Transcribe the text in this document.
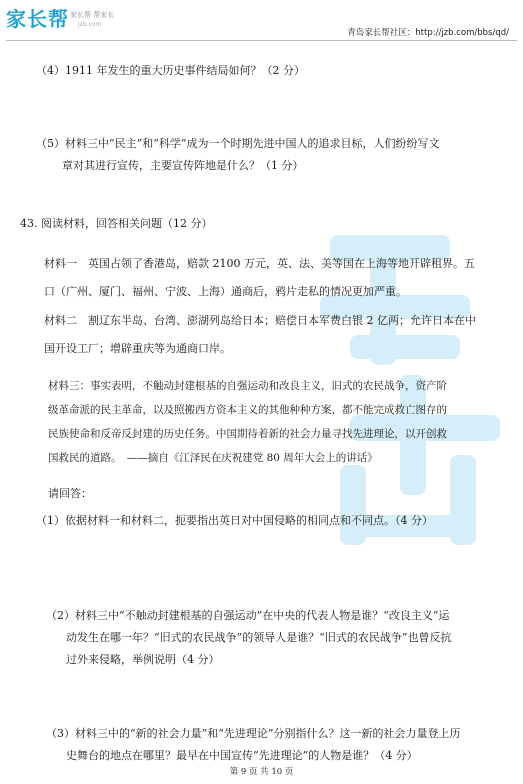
家长帮 家长帮 帮家长
jzb.com
青岛家长帮社区：http://jzb.com/bbs/qd/
（4）1911 年发生的重大历史事件结局如何？（2 分）
（5）材料三中“民主”和“科学”成为一个时期先进中国人的追求目标，人们纷纷写文
章对其进行宣传，主要宣传阵地是什么？（1 分）
43. 阅读材料，回答相关问题（12 分）
材料一　英国占领了香港岛，赔款 2100 万元，英、法、美等国在上海等地开辟租界。五
口（广州、厦门、福州、宁波、上海）通商后，鸦片走私的情况更加严重。
材料二　割辽东半岛、台湾、澎湖列岛给日本；赔偿日本军费白银 2 亿两；允许日本在中
国开设工厂；增辟重庆等为通商口岸。
材料三：事实表明，不触动封建根基的自强运动和改良主义，旧式的农民战争，资产阶
级革命派的民主革命，以及照搬西方资本主义的其他种种方案，都不能完成救亡图存的
民族使命和反帝反封建的历史任务。中国期待着新的社会力量寻找先进理论，以开创救
国救民的道路。　——摘自《江泽民在庆祝建党 80 周年大会上的讲话》
请回答：
（1）依据材料一和材料二，扼要指出英日对中国侵略的相同点和不同点。（4 分）
（2）材料三中“不触动封建根基的自强运动”在中央的代表人物是谁？“改良主义”运
动发生在哪一年？“旧式的农民战争”的领导人是谁？“旧式的农民战争”也曾反抗
过外来侵略，举例说明（4 分）
（3）材料三中的“新的社会力量”和“先进理论”分别指什么？这一新的社会力量登上历
史舞台的地点在哪里？最早在中国宣传“先进理论”的人物是谁？（4 分）
第 9 页 共 10 页
